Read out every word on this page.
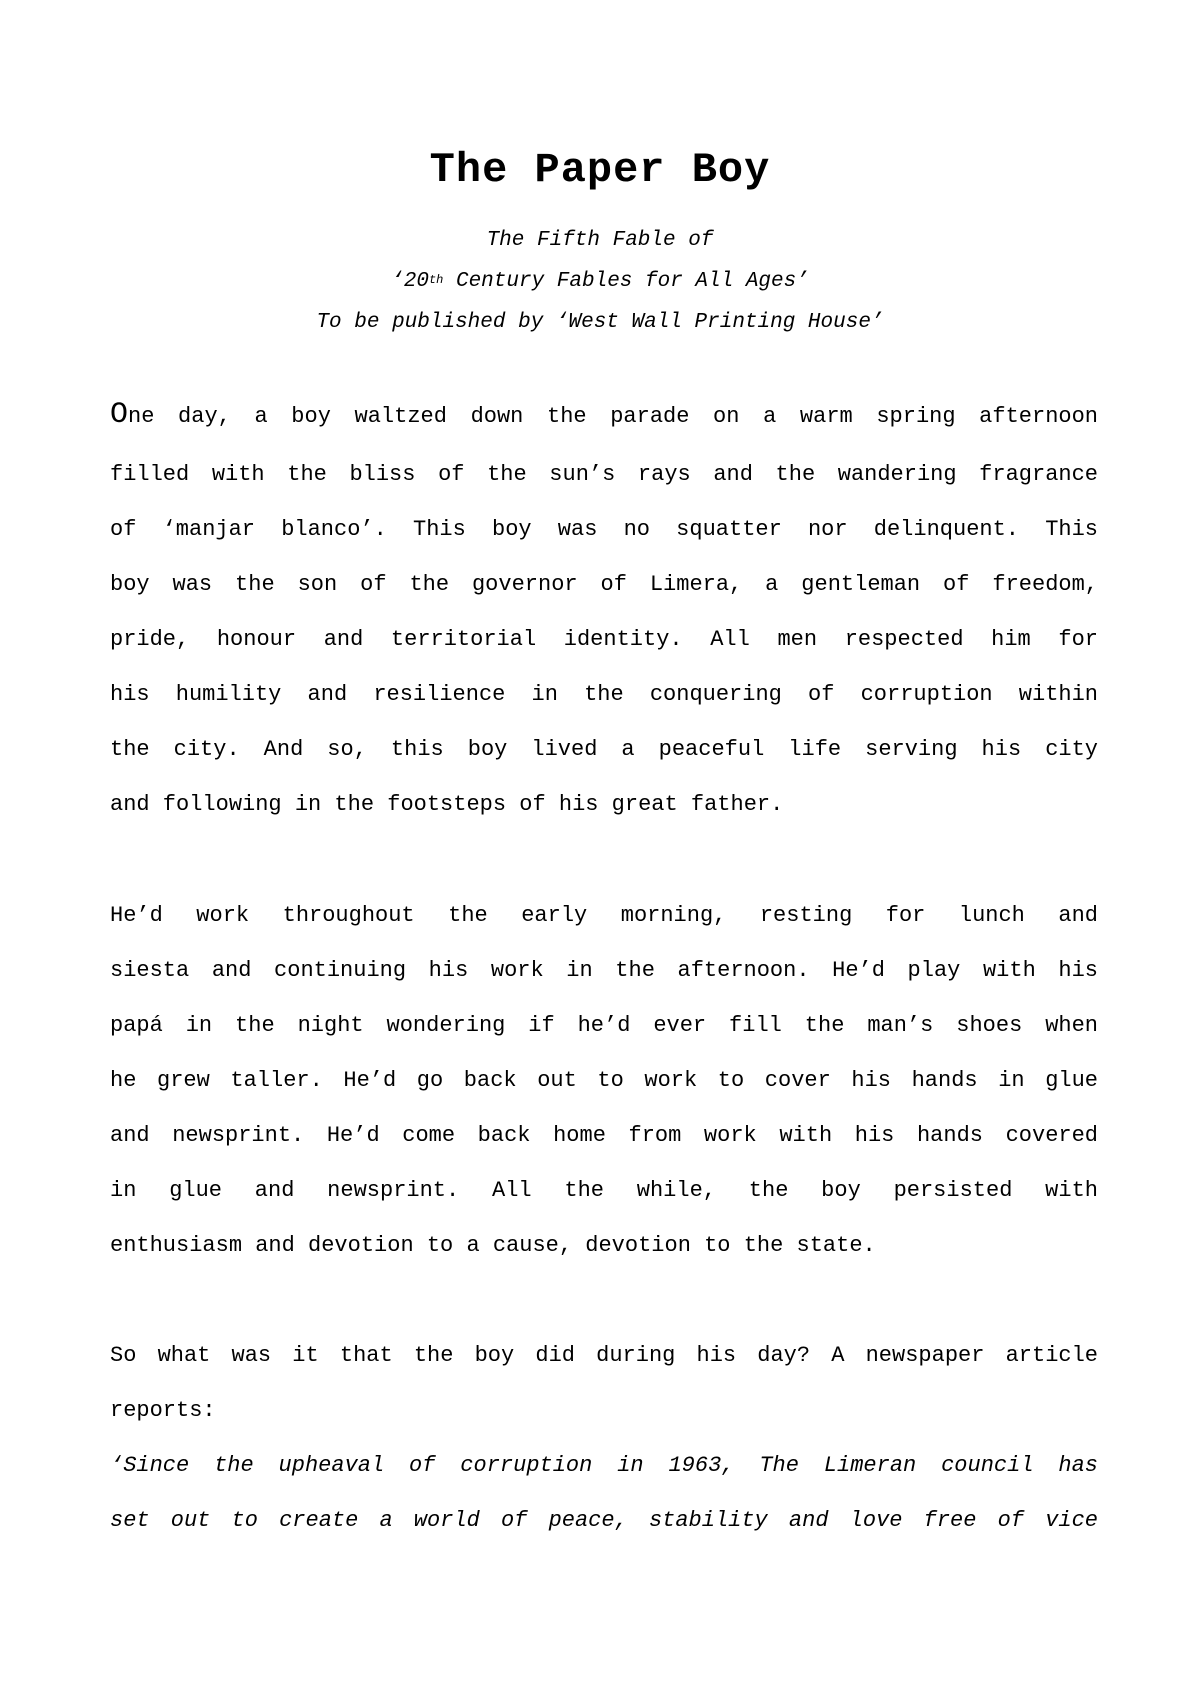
The Paper Boy
The Fifth Fable of
‘20th Century Fables for All Ages’
To be published by ‘West Wall Printing House’
One day, a boy waltzed down the parade on a warm spring afternoon
filled with the bliss of the sun’s rays and the wandering fragrance
of ‘manjar blanco’. This boy was no squatter nor delinquent. This
boy was the son of the governor of Limera, a gentleman of freedom,
pride, honour and territorial identity. All men respected him for
his humility and resilience in the conquering of corruption within
the city. And so, this boy lived a peaceful life serving his city
and following in the footsteps of his great father.
He’d work throughout the early morning, resting for lunch and
siesta and continuing his work in the afternoon. He’d play with his
papá in the night wondering if he’d ever fill the man’s shoes when
he grew taller. He’d go back out to work to cover his hands in glue
and newsprint. He’d come back home from work with his hands covered
in glue and newsprint. All the while, the boy persisted with
enthusiasm and devotion to a cause, devotion to the state.
So what was it that the boy did during his day? A newspaper article
reports:
‘Since the upheaval of corruption in 1963, The Limeran council has
set out to create a world of peace, stability and love free of vice
